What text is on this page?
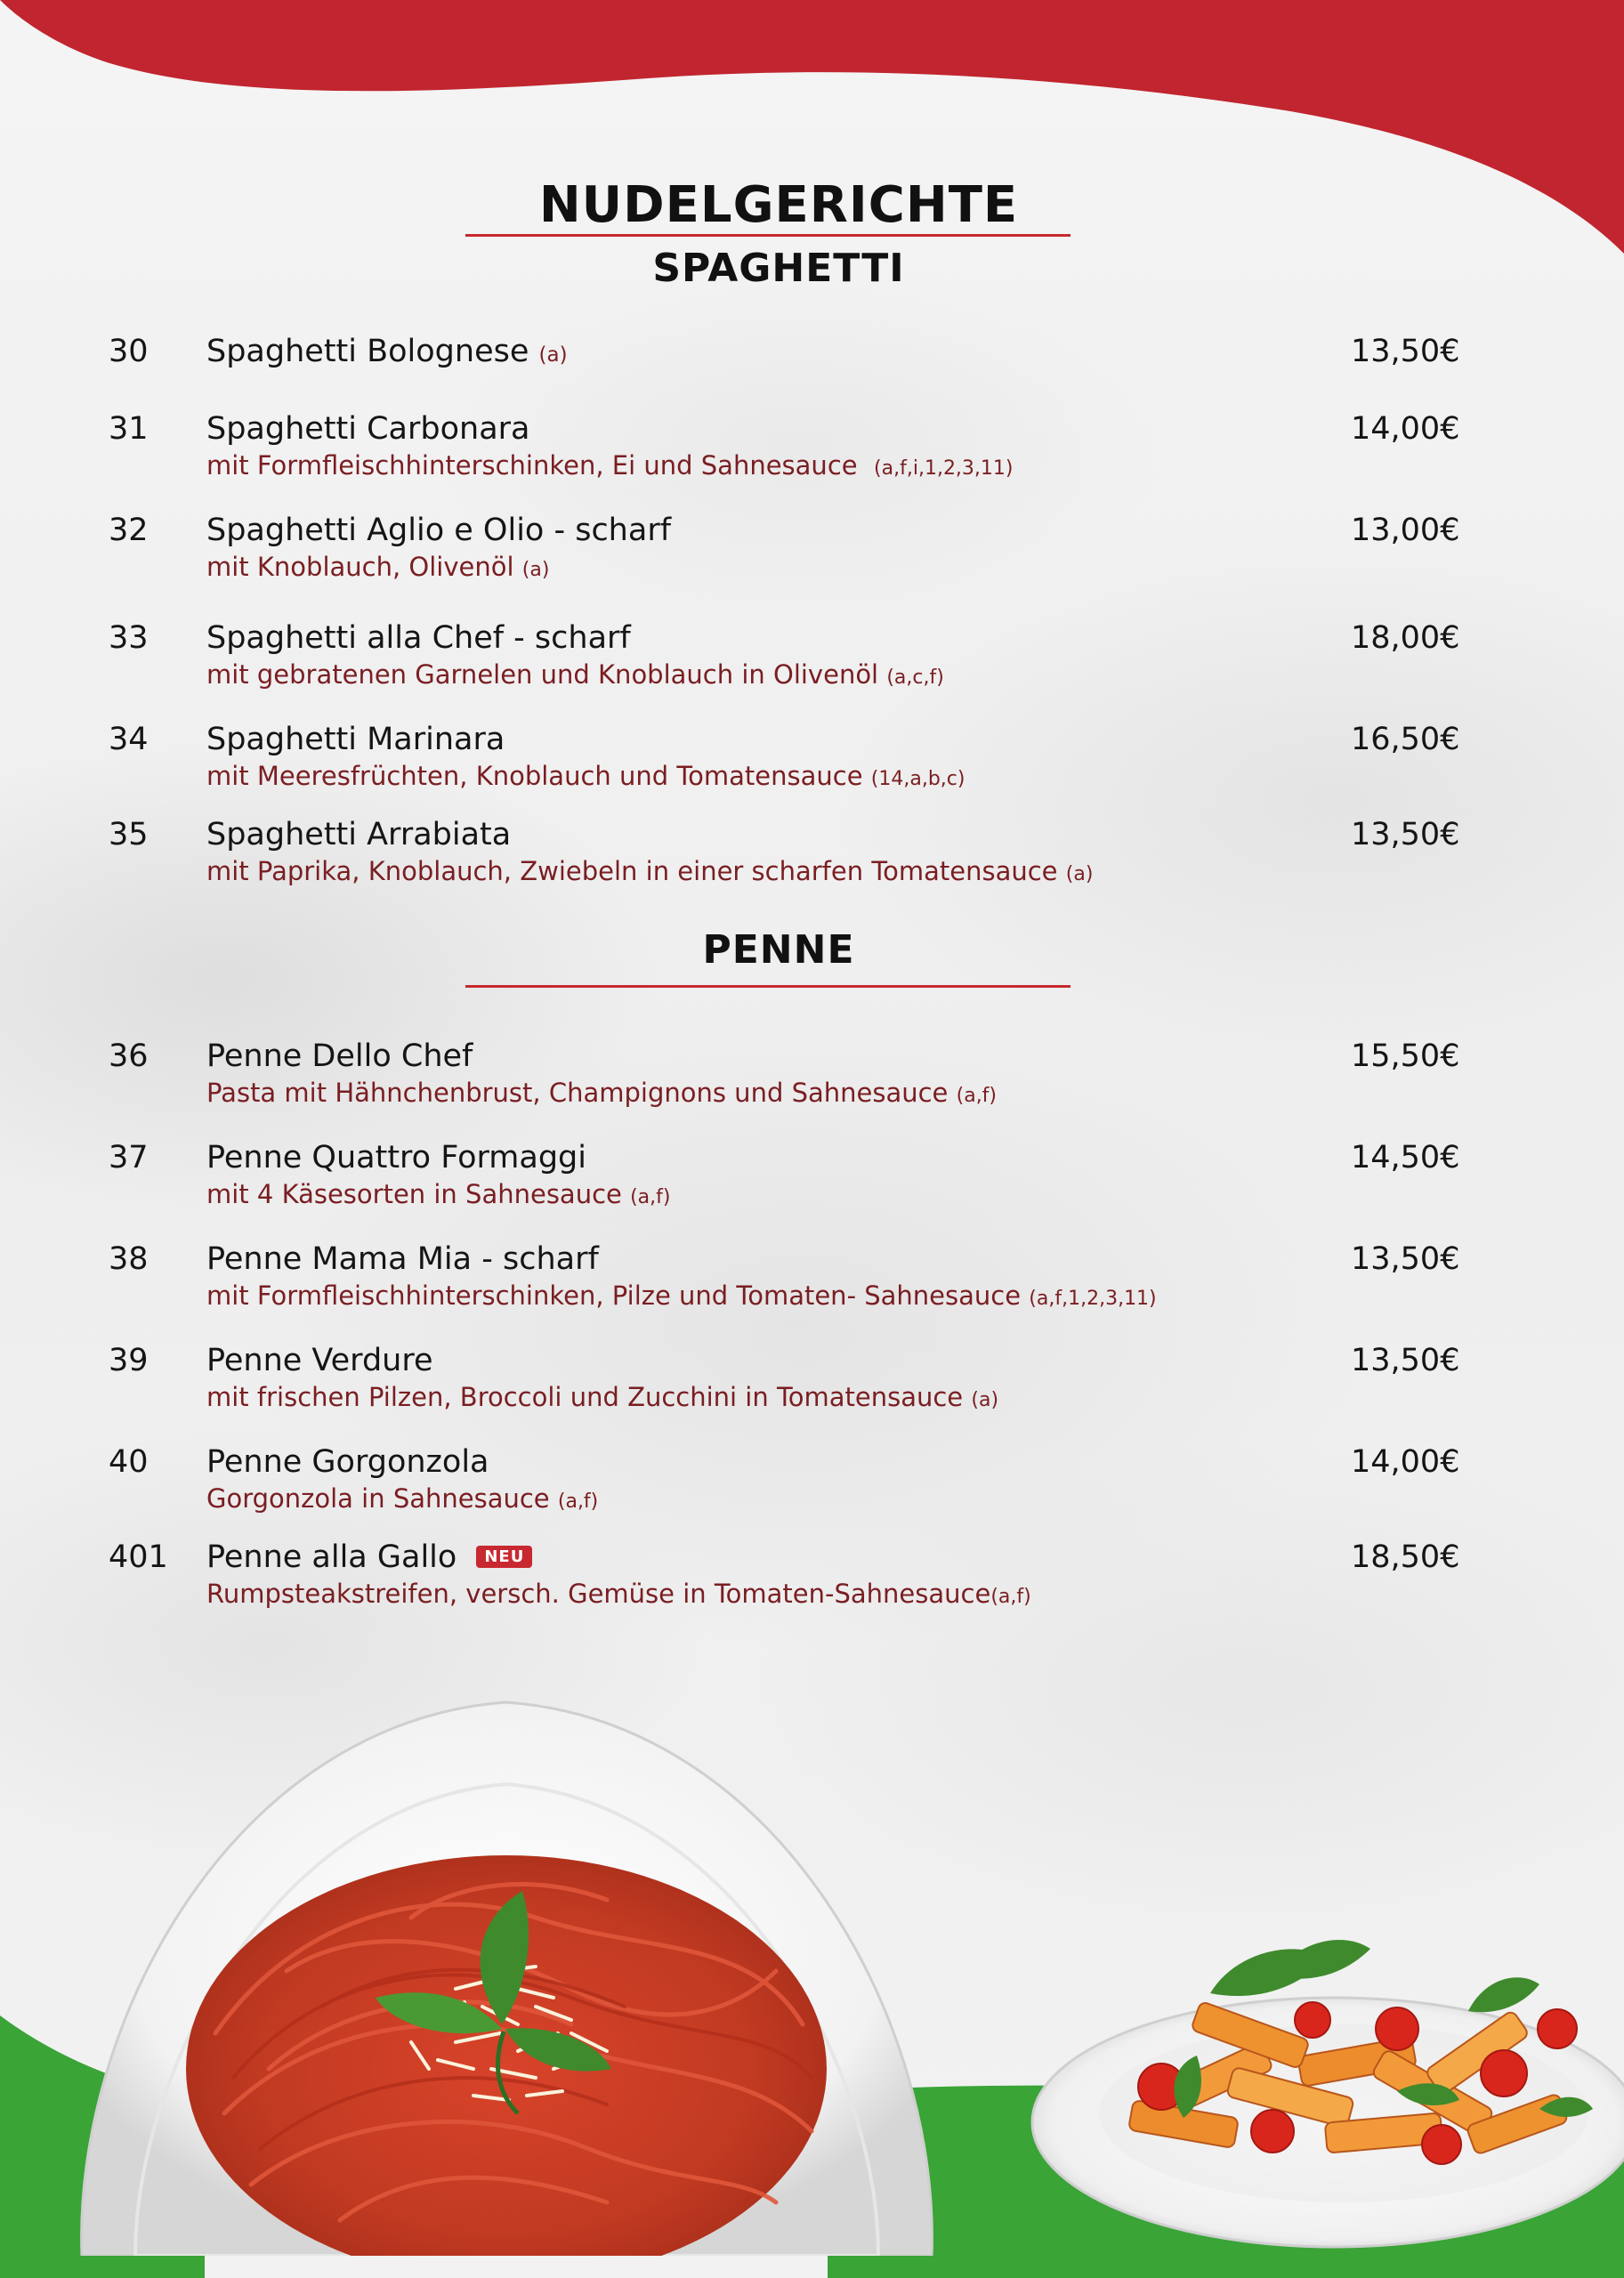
NUDELGERICHTE
SPAGHETTI
PENNE
30 Spaghetti Bolognese (a)	13,50€
31 Spaghetti Carbonara	14,00€
mit Formfleischhinterschinken, Ei und Sahnesauce (a,f,i,1,2,3,11)
32 Spaghetti Aglio e Olio - scharf	13,00€
mit Knoblauch, Olivenöl (a)
33 Spaghetti alla Chef - scharf	18,00€
mit gebratenen Garnelen und Knoblauch in Olivenöl (a,c,f)
34 Spaghetti Marinara	16,50€
mit Meeresfrüchten, Knoblauch und Tomatensauce (14,a,b,c)
35 Spaghetti Arrabiata	13,50€
mit Paprika, Knoblauch, Zwiebeln in einer scharfen Tomatensauce (a)
36 Penne Dello Chef	15,50€
Pasta mit Hähnchenbrust, Champignons und Sahnesauce (a,f)
37 Penne Quattro Formaggi	14,50€
mit 4 Käsesorten in Sahnesauce (a,f)
38 Penne Mama Mia - scharf	13,50€
mit Formfleischhinterschinken, Pilze und Tomaten- Sahnesauce (a,f,1,2,3,11)
39 Penne Verdure	13,50€
mit frischen Pilzen, Broccoli und Zucchini in Tomatensauce (a)
40 Penne Gorgonzola	14,00€
Gorgonzola in Sahnesauce (a,f)
401 Penne alla Gallo NEU	18,50€
Rumpsteakstreifen, versch. Gemüse in Tomaten-Sahnesauce(a,f)
